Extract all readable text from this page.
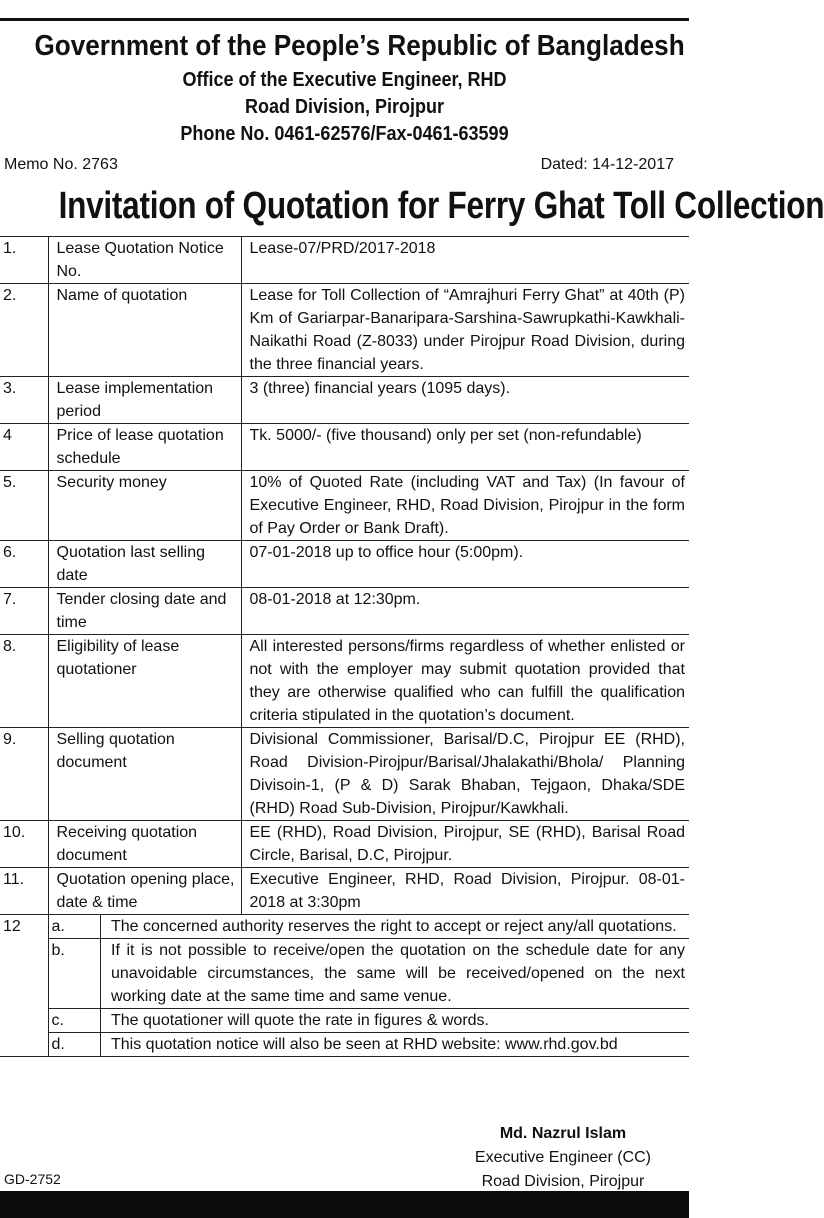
Government of the People’s Republic of Bangladesh
Office of the Executive Engineer, RHD
Road Division, Pirojpur
Phone No. 0461-62576/Fax-0461-63599
Memo No. 2763	Dated: 14-12-2017
Invitation of Quotation for Ferry Ghat Toll Collection
1.	Lease Quotation Notice No.	Lease-07/PRD/2017-2018
2.	Name of quotation	Lease for Toll Collection of “Amrajhuri Ferry Ghat” at 40th (P) Km of Gariarpar-Banaripara-Sarshina-Sawrupkathi-Kawkhali-Naikathi Road (Z-8033) under Pirojpur Road Division, during the three financial years.
3.	Lease implementation period	3 (three) financial years (1095 days).
4	Price of lease quotation schedule	Tk. 5000/- (five thousand) only per set (non-refundable)
5.	Security money	10% of Quoted Rate (including VAT and Tax) (In favour of Executive Engineer, RHD, Road Division, Pirojpur in the form of Pay Order or Bank Draft).
6.	Quotation last selling date	07-01-2018 up to office hour (5:00pm).
7.	Tender closing date and time	08-01-2018 at 12:30pm.
8.	Eligibility of lease quotationer	All interested persons/firms regardless of whether enlisted or not with the employer may submit quotation provided that they are otherwise qualified who can fulfill the qualification criteria stipulated in the quotation’s document.
9.	Selling quotation document	Divisional Commissioner, Barisal/D.C, Pirojpur EE (RHD), Road Division-Pirojpur/Barisal/Jhalakathi/Bhola/ Planning Divisoin-1, (P & D) Sarak Bhaban, Tejgaon, Dhaka/SDE (RHD) Road Sub-Division, Pirojpur/Kawkhali.
10.	Receiving quotation document	EE (RHD), Road Division, Pirojpur, SE (RHD), Barisal Road Circle, Barisal, D.C, Pirojpur.
11.	Quotation opening place, date & time	Executive Engineer, RHD, Road Division, Pirojpur. 08-01-2018 at 3:30pm
12	a.	The concerned authority reserves the right to accept or reject any/all quotations.
b.	If it is not possible to receive/open the quotation on the schedule date for any unavoidable circumstances, the same will be received/opened on the next working date at the same time and same venue.
c.	The quotationer will quote the rate in figures & words.
d.	This quotation notice will also be seen at RHD website: www.rhd.gov.bd
Md. Nazrul Islam
Executive Engineer (CC)
Road Division, Pirojpur
GD-2752
